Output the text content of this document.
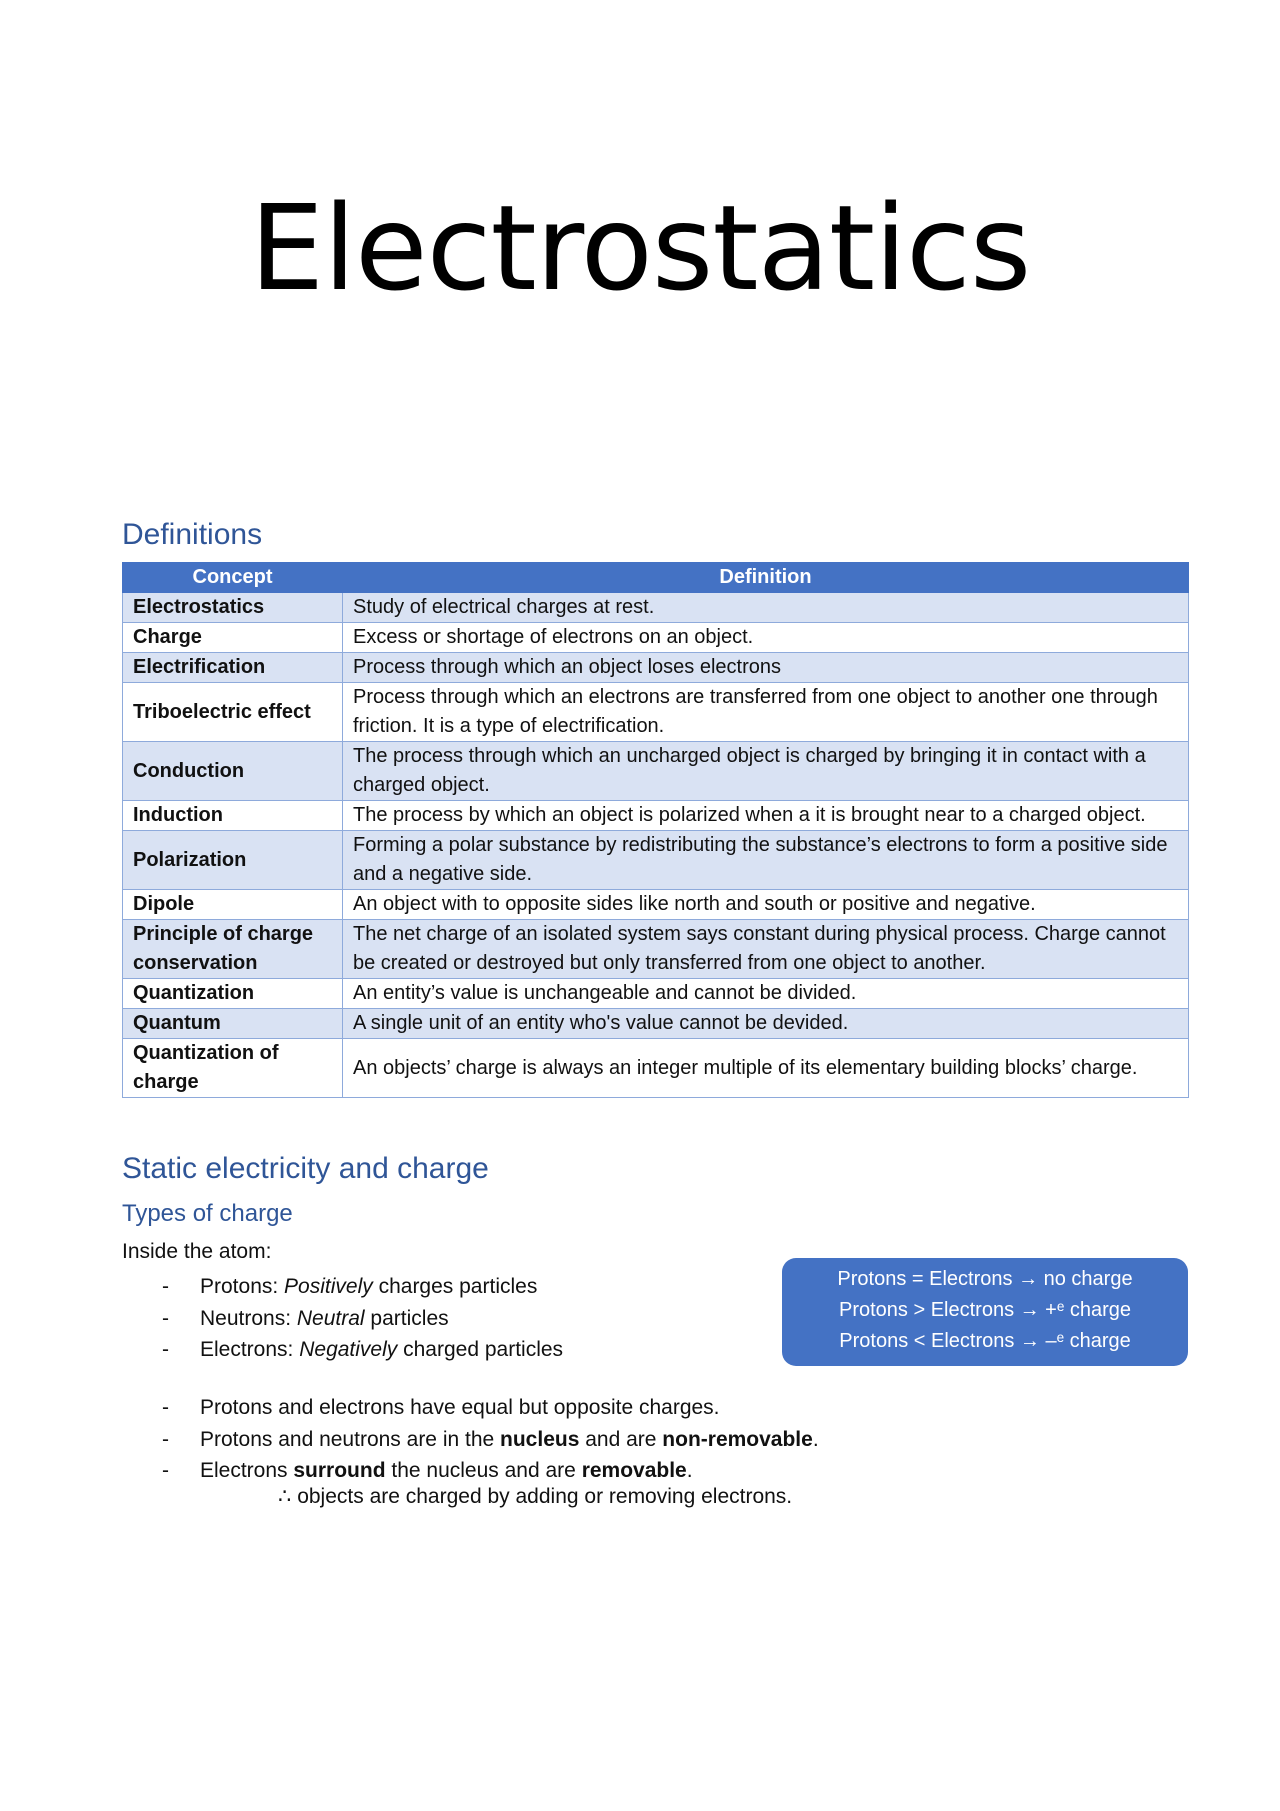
Electrostatics
Definitions
Concept	Definition
Electrostatics	Study of electrical charges at rest.
Charge	Excess or shortage of electrons on an object.
Electrification	Process through which an object loses electrons
Triboelectric effect	Process through which an electrons are transferred from one object to another one through friction. It is a type of electrification.
Conduction	The process through which an uncharged object is charged by bringing it in contact with a charged object.
Induction	The process by which an object is polarized when a it is brought near to a charged object.
Polarization	Forming a polar substance by redistributing the substance’s electrons to form a positive side and a negative side.
Dipole	An object with to opposite sides like north and south or positive and negative.
Principle of charge conservation	The net charge of an isolated system says constant during physical process. Charge cannot be created or destroyed but only transferred from one object to another.
Quantization	An entity’s value is unchangeable and cannot be divided.
Quantum	A single unit of an entity who's value cannot be devided.
Quantization of charge	An objects’ charge is always an integer multiple of its elementary building blocks’ charge.
Static electricity and charge
Types of charge
Inside the atom:
- Protons: Positively charges particles
- Neutrons: Neutral particles
- Electrons: Negatively charged particles
Protons = Electrons → no charge
Protons > Electrons → +ᵉ charge
Protons < Electrons → –ᵉ charge
- Protons and electrons have equal but opposite charges.
- Protons and neutrons are in the nucleus and are non-removable.
- Electrons surround the nucleus and are removable.
∴ objects are charged by adding or removing electrons.
